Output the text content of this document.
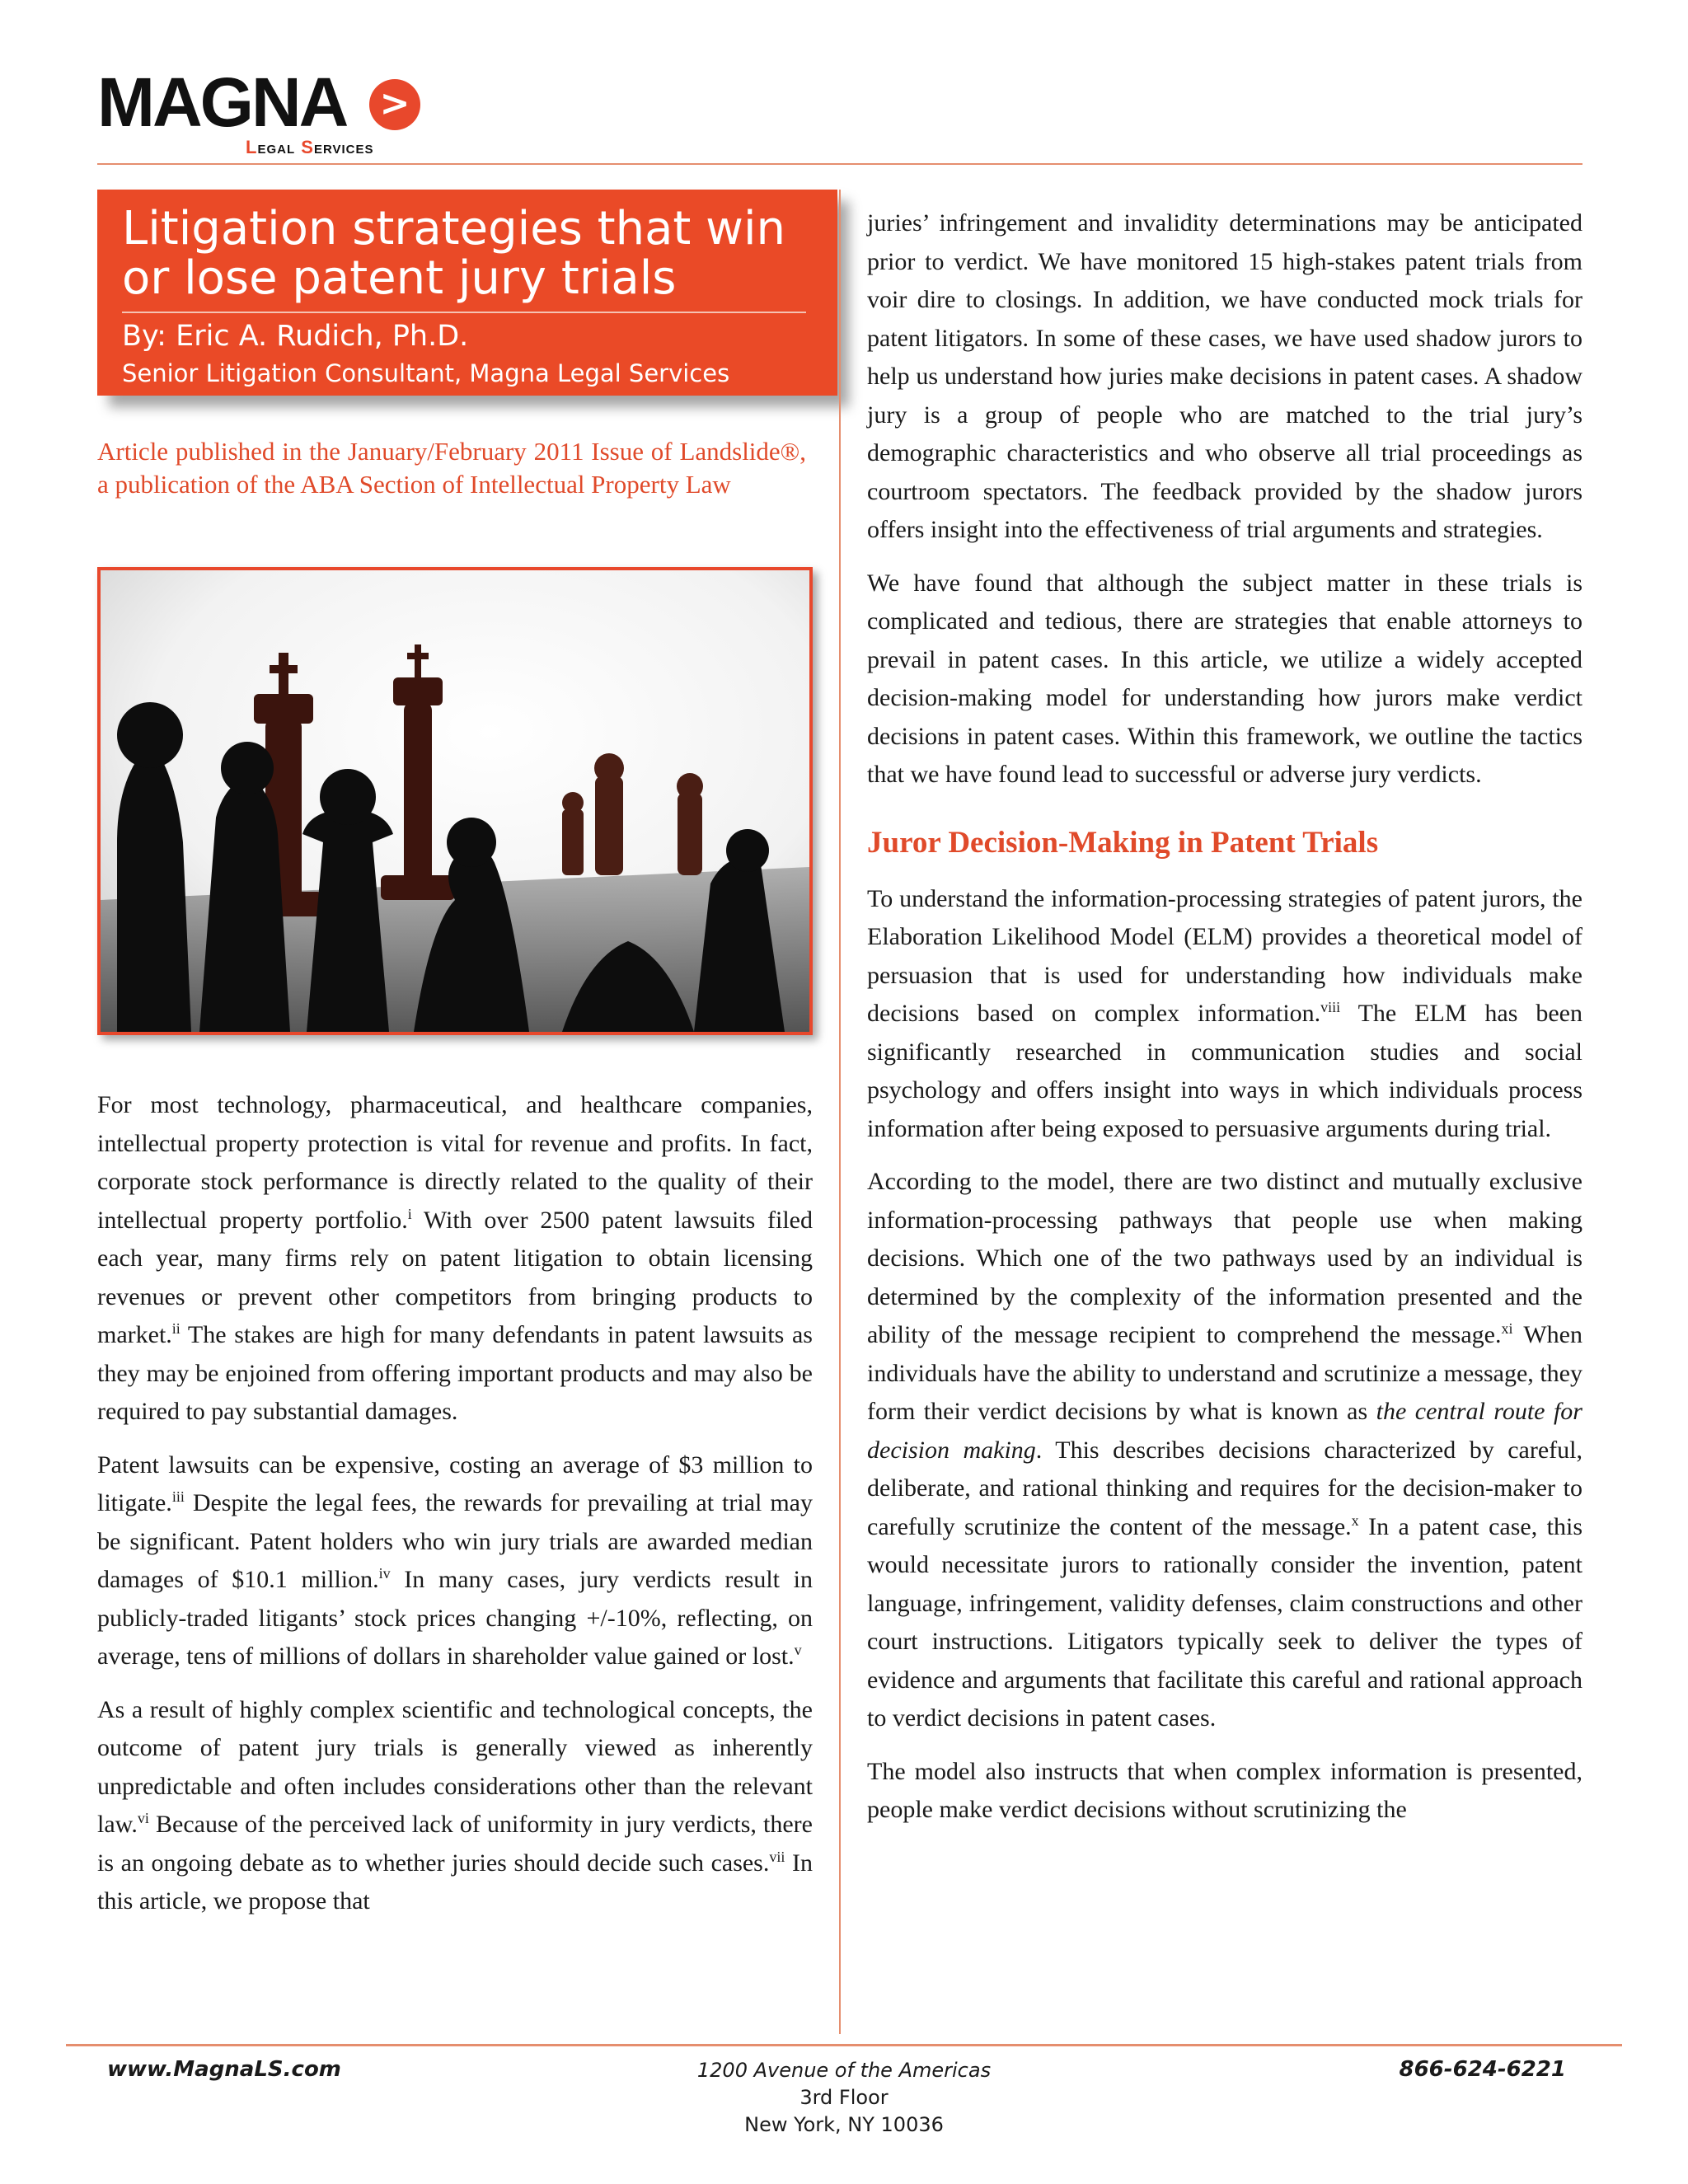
MAGNA >
Legal Services
Litigation strategies that win or lose patent jury trials
By: Eric A. Rudich, Ph.D.
Senior Litigation Consultant, Magna Legal Services
Article published in the January/February 2011 Issue of Landslide®, a publication of the ABA Section of Intellectual Property Law

For most technology, pharmaceutical, and healthcare companies, intellectual property protection is vital for revenue and profits. In fact, corporate stock performance is directly related to the quality of their intellectual property portfolio.$^i$ With over 2500 patent lawsuits filed each year, many firms rely on patent litigation to obtain licensing revenues or prevent other competitors from bringing products to market.$^{ii}$ The stakes are high for many defendants in patent lawsuits as they may be enjoined from offering important products and may also be required to pay substantial damages.

Patent lawsuits can be expensive, costing an average of $3 million to litigate.$^{iii}$ Despite the legal fees, the rewards for prevailing at trial may be significant. Patent holders who win jury trials are awarded median damages of $10.1 million.$^{iv}$ In many cases, jury verdicts result in publicly-traded litigants’ stock prices changing +/-10%, reflecting, on average, tens of millions of dollars in shareholder value gained or lost.$^v$

As a result of highly complex scientific and technological concepts, the outcome of patent jury trials is generally viewed as inherently unpredictable and often includes considerations other than the relevant law.$^{vi}$ Because of the perceived lack of uniformity in jury verdicts, there is an ongoing debate as to whether juries should decide such cases.$^{vii}$ In this article, we propose that

juries’ infringement and invalidity determinations may be anticipated prior to verdict. We have monitored 15 high-stakes patent trials from voir dire to closings. In addition, we have conducted mock trials for patent litigators. In some of these cases, we have used shadow jurors to help us understand how juries make decisions in patent cases. A shadow jury is a group of people who are matched to the trial jury’s demographic characteristics and who observe all trial proceedings as courtroom spectators. The feedback provided by the shadow jurors offers insight into the effectiveness of trial arguments and strategies.

We have found that although the subject matter in these trials is complicated and tedious, there are strategies that enable attorneys to prevail in patent cases. In this article, we utilize a widely accepted decision-making model for understanding how jurors make verdict decisions in patent cases. Within this framework, we outline the tactics that we have found lead to successful or adverse jury verdicts.

Juror Decision-Making in Patent Trials

To understand the information-processing strategies of patent jurors, the Elaboration Likelihood Model (ELM) provides a theoretical model of persuasion that is used for understanding how individuals make decisions based on complex information.$^{viii}$ The ELM has been significantly researched in communication studies and social psychology and offers insight into ways in which individuals process information after being exposed to persuasive arguments during trial.

According to the model, there are two distinct and mutually exclusive information-processing pathways that people use when making decisions. Which one of the two pathways used by an individual is determined by the complexity of the information presented and the ability of the message recipient to comprehend the message.$^{xi}$ When individuals have the ability to understand and scrutinize a message, they form their verdict decisions by what is known as the central route for decision making. This describes decisions characterized by careful, deliberate, and rational thinking and requires for the decision-maker to carefully scrutinize the content of the message.$^x$ In a patent case, this would necessitate jurors to rationally consider the invention, patent language, infringement, validity defenses, claim constructions and other court instructions. Litigators typically seek to deliver the types of evidence and arguments that facilitate this careful and rational approach to verdict decisions in patent cases.

The model also instructs that when complex information is presented, people make verdict decisions without scrutinizing the

www.MagnaLS.com	1200 Avenue of the Americas
3rd Floor
New York, NY 10036
866-624-6221
